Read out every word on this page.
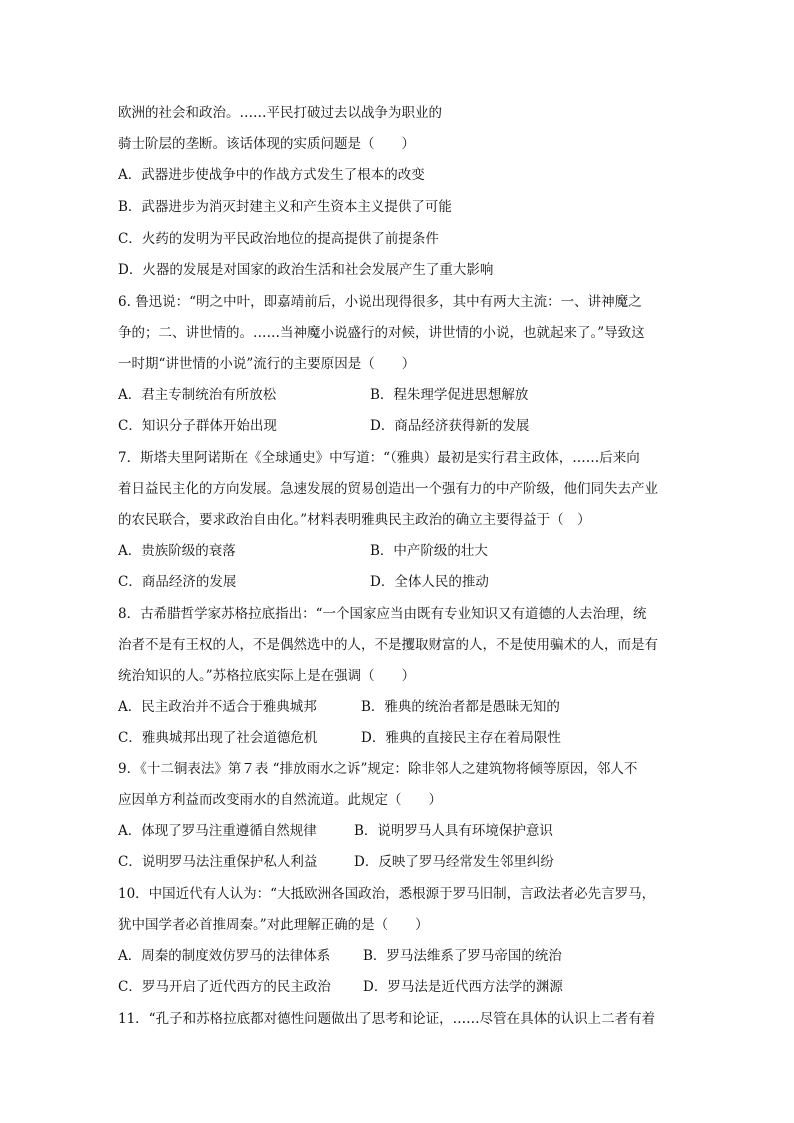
欧洲的社会和政治。……平民打破过去以战争为职业的
骑士阶层的垄断。该话体现的实质问题是（　　）
A．武器进步使战争中的作战方式发生了根本的改变
B．武器进步为消灭封建主义和产生资本主义提供了可能
C．火药的发明为平民政治地位的提高提供了前提条件
D．火器的发展是对国家的政治生活和社会发展产生了重大影响
6. 鲁迅说：“明之中叶，即嘉靖前后，小说出现得很多，其中有两大主流：一、讲神魔之
争的；二、讲世情的。……当神魔小说盛行的对候，讲世情的小说，也就起来了。”导致这
一时期“讲世情的小说”流行的主要原因是（　　）
A．君主专制统治有所放松	B．程朱理学促进思想解放
C．知识分子群体开始出现	D．商品经济获得新的发展
7．斯塔夫里阿诺斯在《全球通史》中写道：“（雅典）最初是实行君主政体，……后来向
着日益民主化的方向发展。急速发展的贸易创造出一个强有力的中产阶级，他们同失去产业
的农民联合，要求政治自由化。”材料表明雅典民主政治的确立主要得益于（　）
A．贵族阶级的衰落	B．中产阶级的壮大
C．商品经济的发展	D．全体人民的推动
8．古希腊哲学家苏格拉底指出：“一个国家应当由既有专业知识又有道德的人去治理，统
治者不是有王权的人，不是偶然选中的人，不是攫取财富的人，不是使用骗术的人，而是有
统治知识的人。”苏格拉底实际上是在强调（　　）
A．民主政治并不适合于雅典城邦	B．雅典的统治者都是愚昧无知的
C．雅典城邦出现了社会道德危机	D．雅典的直接民主存在着局限性
9．《十二铜表法》第７表 “排放雨水之诉”规定：除非邻人之建筑物将倾等原因，邻人不
应因单方利益而改变雨水的自然流道。此规定（　　）
A．体现了罗马注重遵循自然规律	B．说明罗马人具有环境保护意识
C．说明罗马法注重保护私人利益	D．反映了罗马经常发生邻里纠纷
10．中国近代有人认为：“大抵欧洲各国政治，悉根源于罗马旧制，言政法者必先言罗马，
犹中国学者必首推周秦。”对此理解正确的是（　　）
A．周秦的制度效仿罗马的法律体系 B．罗马法维系了罗马帝国的统治
C．罗马开启了近代西方的民主政治 D．罗马法是近代西方法学的渊源
11．“孔子和苏格拉底都对德性问题做出了思考和论证，……尽管在具体的认识上二者有着
